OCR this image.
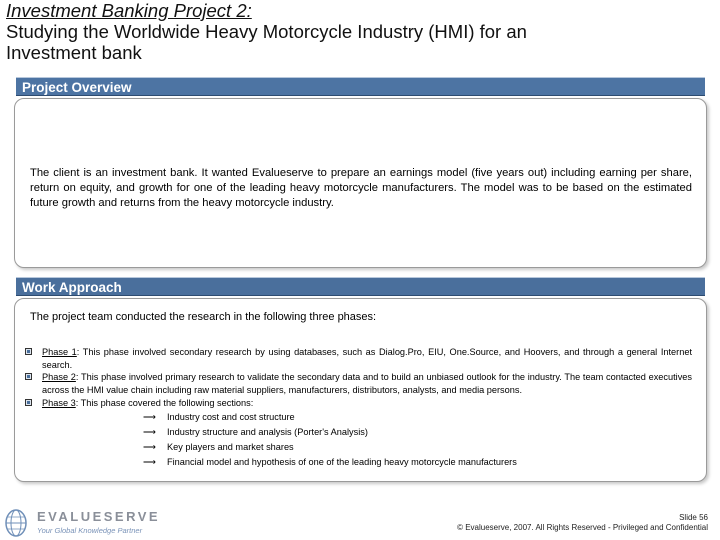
Investment Banking Project 2:
Studying the Worldwide Heavy Motorcycle Industry (HMI) for an
Investment bank
Project Overview
The client is an investment bank. It wanted Evalueserve to prepare an earnings model (five years out) including earning per share, return on equity, and growth for one of the leading heavy motorcycle manufacturers. The model was to be based on the estimated future growth and returns from the heavy motorcycle industry.
Work Approach
The project team conducted the research in the following three phases:
Phase 1: This phase involved secondary research by using databases, such as Dialog.Pro, EIU, One.Source, and Hoovers, and through a general Internet search.
Phase 2: This phase involved primary research to validate the secondary data and to build an unbiased outlook for the industry. The team contacted executives across the HMI value chain including raw material suppliers, manufacturers, distributors, analysts, and media persons.
Phase 3: This phase covered the following sections:
⟶ Industry cost and cost structure
⟶ Industry structure and analysis (Porter's Analysis)
⟶ Key players and market shares
⟶ Financial model and hypothesis of one of the leading heavy motorcycle manufacturers
EVALUESERVE
Your Global Knowledge Partner
Slide 56
© Evalueserve, 2007. All Rights Reserved - Privileged and Confidential
